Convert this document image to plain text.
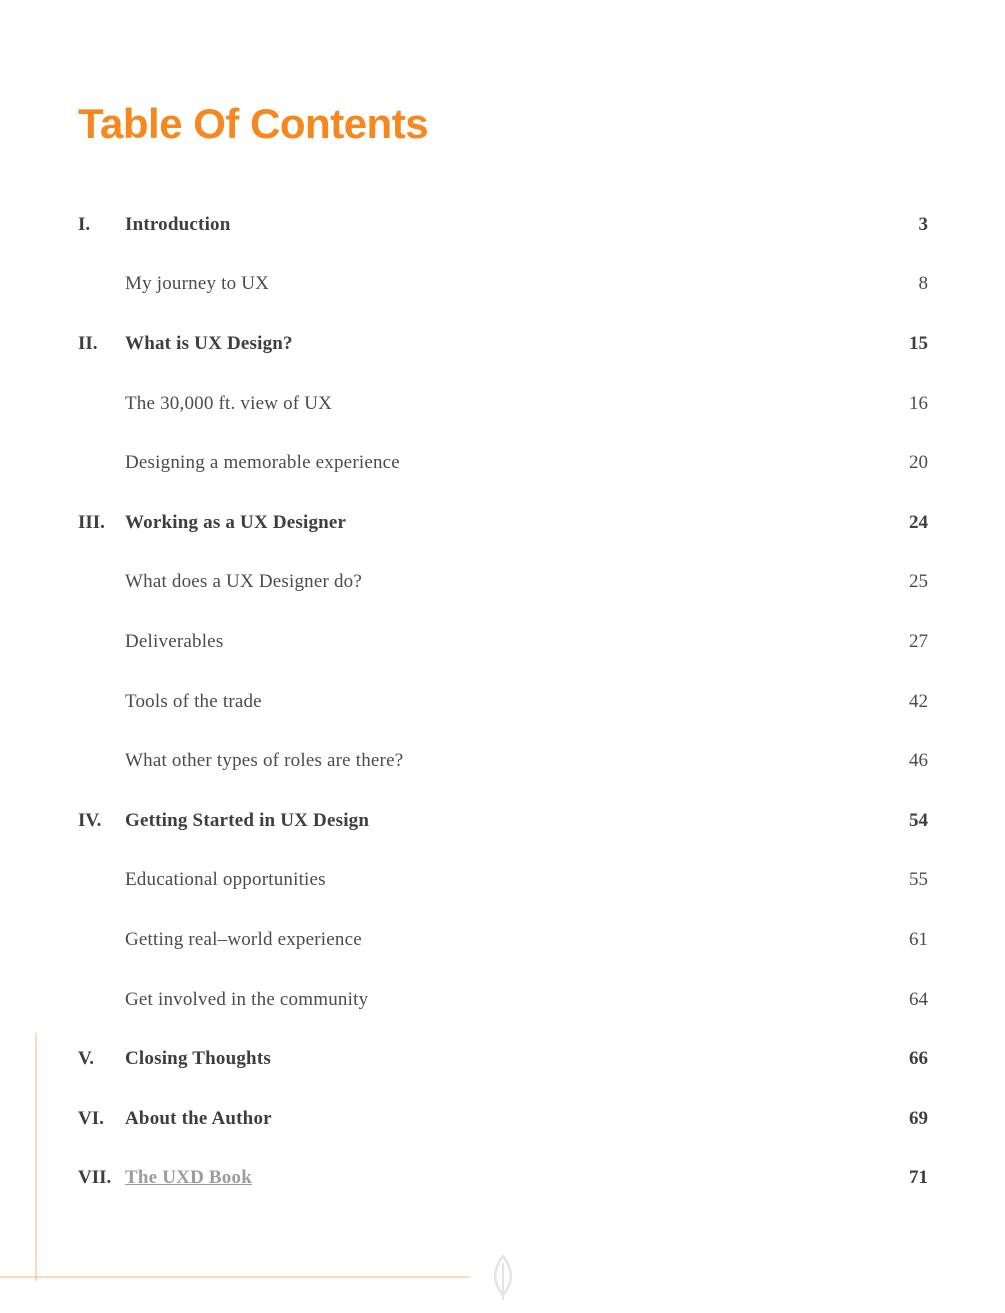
Table Of Contents
I.	Introduction	3
My journey to UX	8
II.	What is UX Design?	15
The 30,000 ft. view of UX	16
Designing a memorable experience	20
III.	Working as a UX Designer	24
What does a UX Designer do?	25
Deliverables	27
Tools of the trade	42
What other types of roles are there?	46
IV.	Getting Started in UX Design	54
Educational opportunities	55
Getting real–world experience	61
Get involved in the community	64
V.	Closing Thoughts	66
VI.	About the Author	69
VII. The UXD Book	71
